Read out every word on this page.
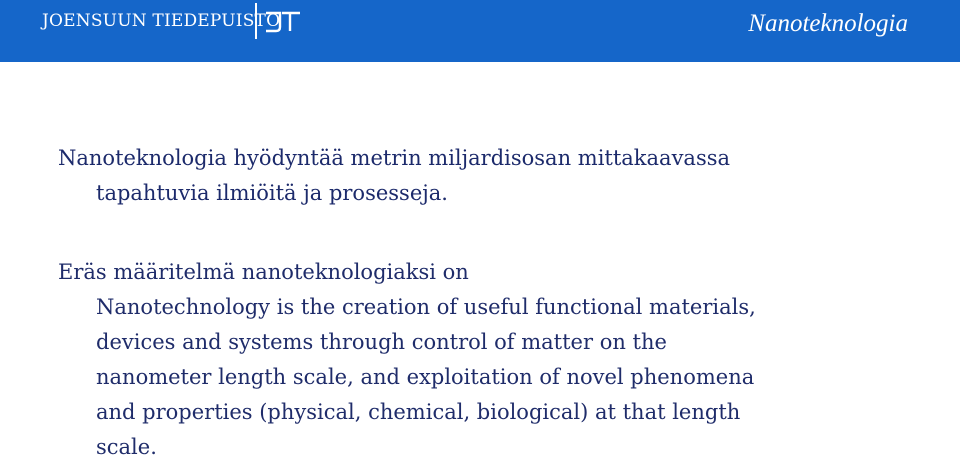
JOENSUUN TIEDEPUISTO	Nanoteknologia
Nanoteknologia hyödyntää metrin miljardisosan mittakaavassa
tapahtuvia ilmiöitä ja prosesseja.
Eräs määritelmä nanoteknologiaksi on
Nanotechnology is the creation of useful functional materials,
devices and systems through control of matter on the
nanometer length scale, and exploitation of novel phenomena
and properties (physical, chemical, biological) at that length
scale.
